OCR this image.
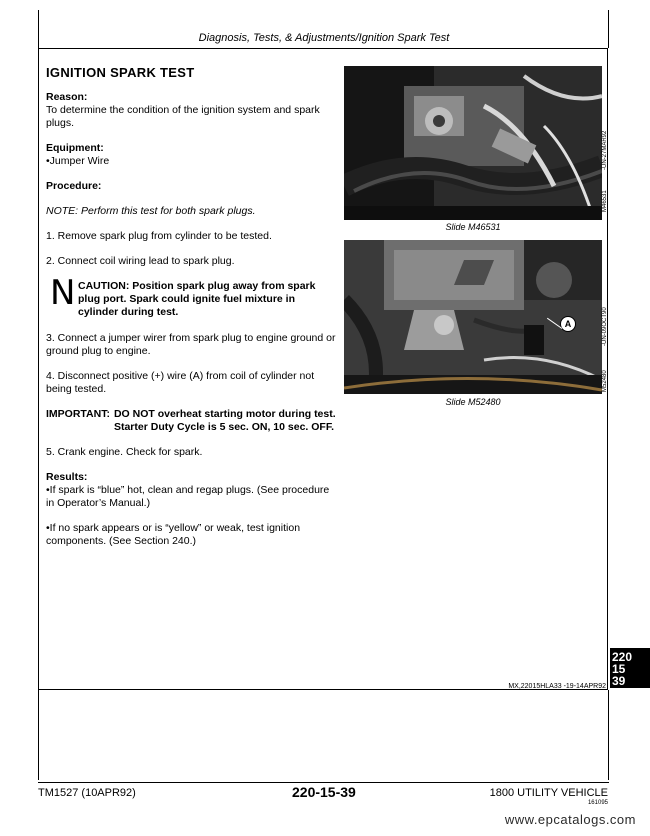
Diagnosis, Tests, & Adjustments/Ignition Spark Test
IGNITION SPARK TEST
Reason:
To determine the condition of the ignition system and spark plugs.
Equipment:
•Jumper Wire
Procedure:
NOTE: Perform this test for both spark plugs.
1. Remove spark plug from cylinder to be tested.
2. Connect coil wiring lead to spark plug.
N CAUTION: Position spark plug away from spark plug port. Spark could ignite fuel mixture in cylinder during test.
3. Connect a jumper wirer from spark plug to engine ground or ground plug to engine.
4. Disconnect positive (+) wire (A) from coil of cylinder not being tested.
IMPORTANT: DO NOT overheat starting motor during test. Starter Duty Cycle is 5 sec. ON, 10 sec. OFF.
5. Crank engine. Check for spark.
Results:
•If spark is “blue” hot, clean and regap plugs. (See procedure in Operator’s Manual.)
•If no spark appears or is “yellow” or weak, test ignition components. (See Section 240.)
-UN-27MAR92
M46531
Slide M46531
A	-UN-09OCT90
M52480
Slide M52480
MX,22015HLA33 -19-14APR92
220
15
39
TM1527 (10APR92)	220-15-39	1800 UTILITY VEHICLE
161095
www.epcatalogs.com
